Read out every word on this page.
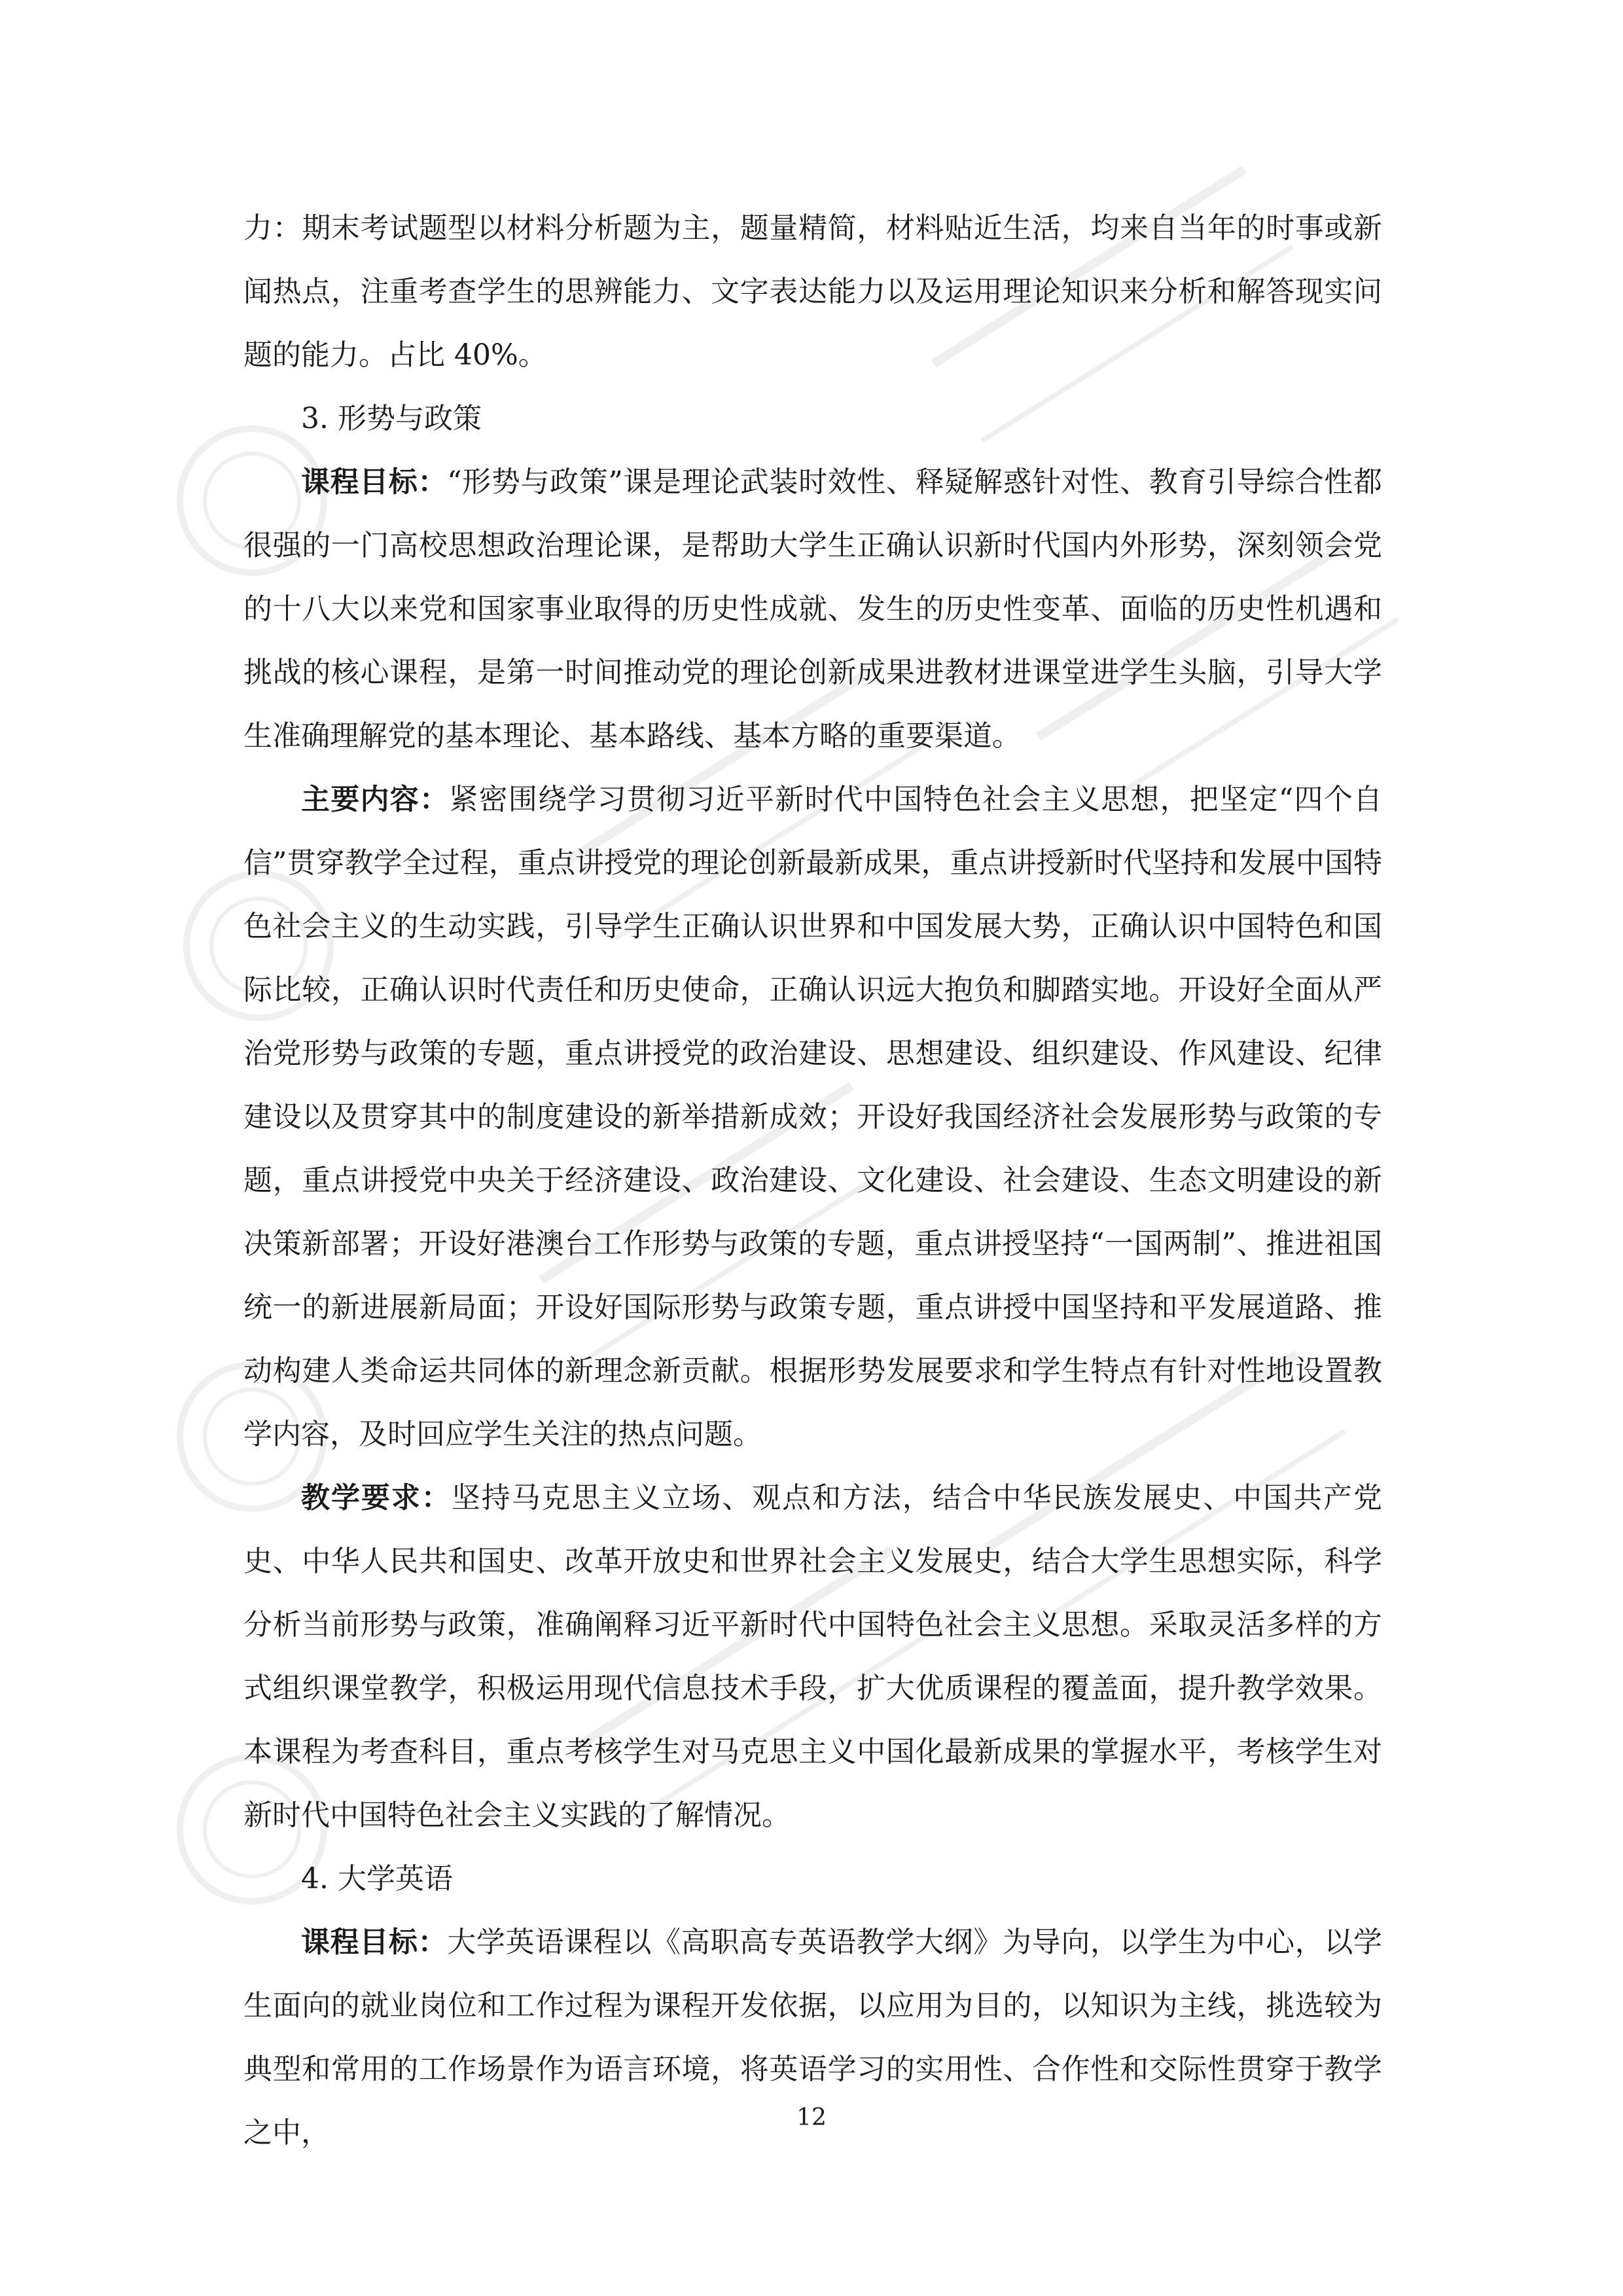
力：期末考试题型以材料分析题为主，题量精简，材料贴近生活，均来自当年的时事或新闻热点，注重考查学生的思辨能力、文字表达能力以及运用理论知识来分析和解答现实问题的能力。占比 40%。

3. 形势与政策

课程目标：“形势与政策”课是理论武装时效性、释疑解惑针对性、教育引导综合性都很强的一门高校思想政治理论课，是帮助大学生正确认识新时代国内外形势，深刻领会党的十八大以来党和国家事业取得的历史性成就、发生的历史性变革、面临的历史性机遇和挑战的核心课程，是第一时间推动党的理论创新成果进教材进课堂进学生头脑，引导大学生准确理解党的基本理论、基本路线、基本方略的重要渠道。

主要内容：紧密围绕学习贯彻习近平新时代中国特色社会主义思想，把坚定“四个自信”贯穿教学全过程，重点讲授党的理论创新最新成果，重点讲授新时代坚持和发展中国特色社会主义的生动实践，引导学生正确认识世界和中国发展大势，正确认识中国特色和国际比较，正确认识时代责任和历史使命，正确认识远大抱负和脚踏实地。开设好全面从严治党形势与政策的专题，重点讲授党的政治建设、思想建设、组织建设、作风建设、纪律建设以及贯穿其中的制度建设的新举措新成效；开设好我国经济社会发展形势与政策的专题，重点讲授党中央关于经济建设、政治建设、文化建设、社会建设、生态文明建设的新决策新部署；开设好港澳台工作形势与政策的专题，重点讲授坚持“一国两制”、推进祖国统一的新进展新局面；开设好国际形势与政策专题，重点讲授中国坚持和平发展道路、推动构建人类命运共同体的新理念新贡献。根据形势发展要求和学生特点有针对性地设置教学内容，及时回应学生关注的热点问题。

教学要求：坚持马克思主义立场、观点和方法，结合中华民族发展史、中国共产党史、中华人民共和国史、改革开放史和世界社会主义发展史，结合大学生思想实际，科学分析当前形势与政策，准确阐释习近平新时代中国特色社会主义思想。采取灵活多样的方式组织课堂教学，积极运用现代信息技术手段，扩大优质课程的覆盖面，提升教学效果。本课程为考查科目，重点考核学生对马克思主义中国化最新成果的掌握水平，考核学生对新时代中国特色社会主义实践的了解情况。

4. 大学英语

课程目标：大学英语课程以《高职高专英语教学大纲》为导向，以学生为中心，以学生面向的就业岗位和工作过程为课程开发依据，以应用为目的，以知识为主线，挑选较为典型和常用的工作场景作为语言环境，将英语学习的实用性、合作性和交际性贯穿于教学之中，	12
